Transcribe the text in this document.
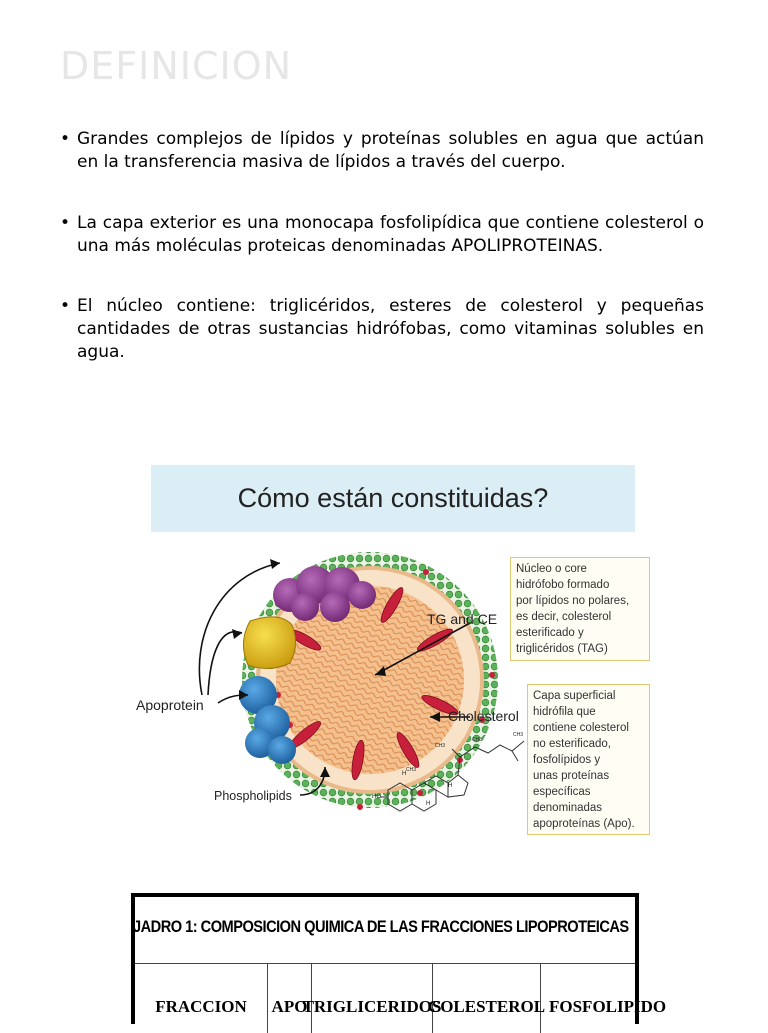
DEFINICION
• Grandes complejos de lípidos y proteínas solubles en agua que actúan en la transferencia masiva de lípidos a través del cuerpo.
• La capa exterior es una monocapa fosfolipídica que contiene colesterol o una más moléculas proteicas denominadas APOLIPROTEINAS.
• El núcleo contiene: triglicéridos, esteres de colesterol y pequeñas cantidades de otras sustancias hidrófobas, como vitaminas solubles en agua.
Cómo están constituidas?
TG and CE
Cholesterol
Apoprotein
Phospholipids	HO
H
H
H
CH3
CH3
CH3
CH3
Núcleo o core
hidrófobo formado
por lípidos no polares,
es decir, colesterol
esterificado y
triglicéridos (TAG)
Capa superficial
hidrófila que
contiene colesterol
no esterificado,
fosfolípidos y
unas proteínas
específicas
denominadas
apoproteínas (Apo).
JADRO 1: COMPOSICION QUIMICA DE LAS FRACCIONES LIPOPROTEICAS
FRACCION	APO
TRIGLICERIDOS
COLESTEROL FOSFOLIPIDO
